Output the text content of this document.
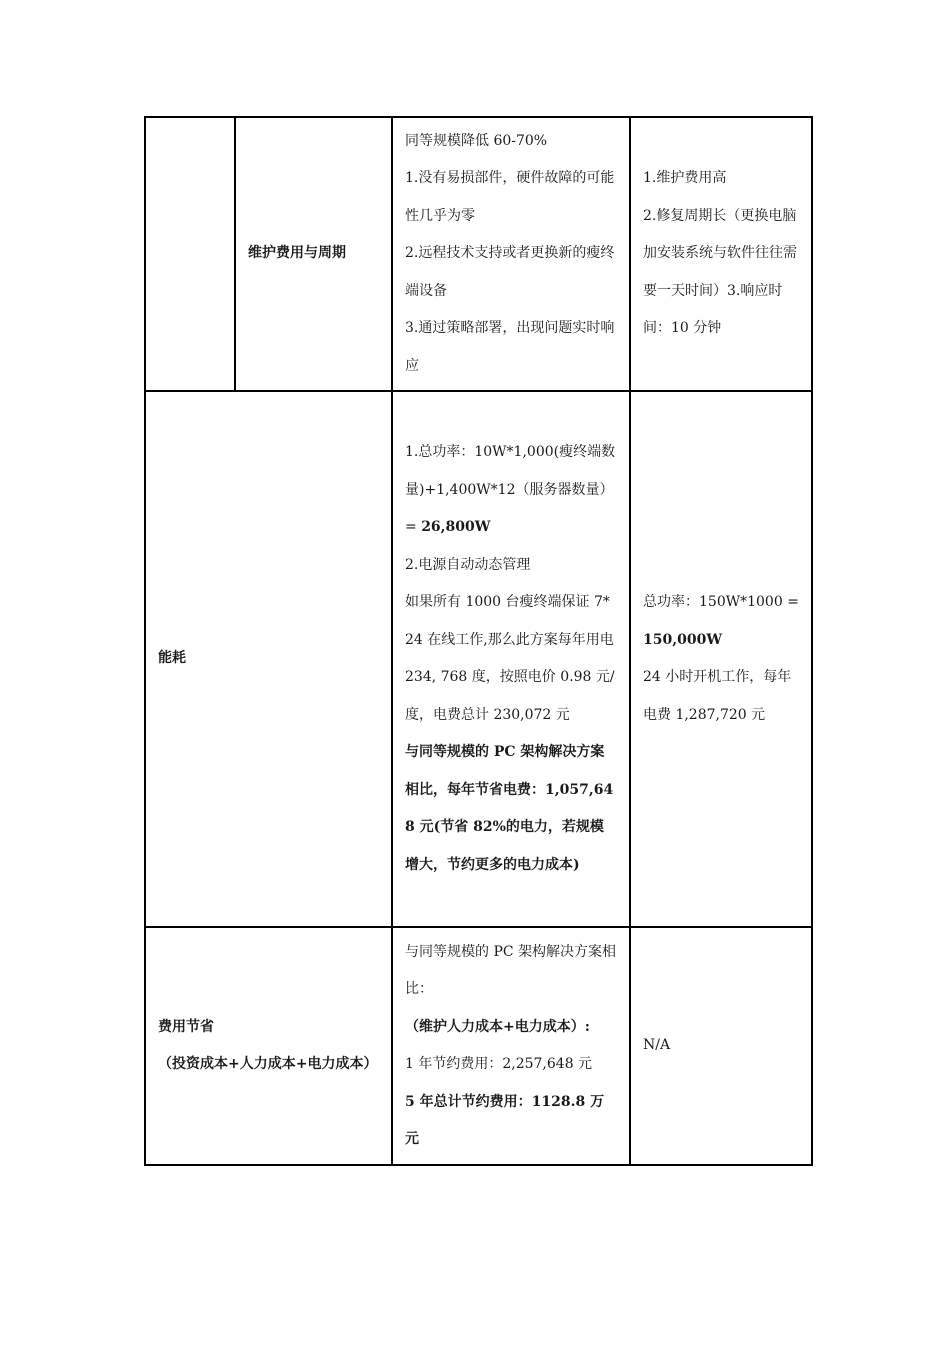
	维护费用与周期	同等规模降低 60-70%
1.没有易损部件，硬件故障的可能性几乎为零
2.远程技术支持或者更换新的瘦终端设备
3.通过策略部署，出现问题实时响应	1.维护费用高
2.修复周期长（更换电脑加安装系统与软件往往需要一天时间）3.响应时间：10 分钟

能耗		1.总功率：10W*1,000(瘦终端数量)+1,400W*12（服务器数量）= 26,800W
2.电源自动动态管理
如果所有 1000 台瘦终端保证 7*24 在线工作,那么此方案每年用电 234, 768 度，按照电价 0.98 元/度，电费总计 230,072 元
与同等规模的 PC 架构解决方案相比，每年节省电费：1,057,648 元(节省 82%的电力，若规模增大，节约更多的电力成本)	总功率：150W*1000 = 150,000W
24 小时开机工作，每年电费 1,287,720 元

费用节省
（投资成本+人力成本+电力成本）		与同等规模的 PC 架构解决方案相比：
（维护人力成本+电力成本）:
1 年节约费用：2,257,648 元
5 年总计节约费用：1128.8 万元	N/A
